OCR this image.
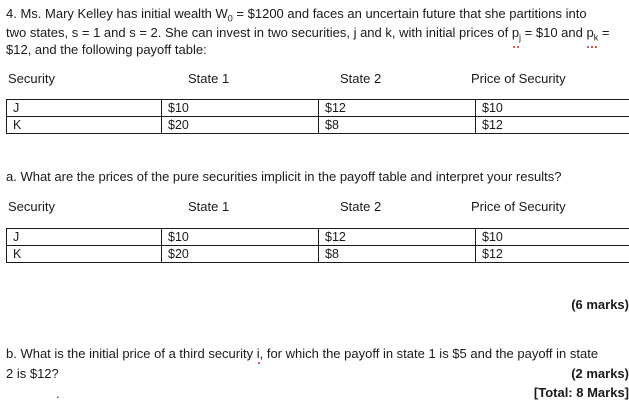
4. Ms. Mary Kelley has initial wealth $W_0$ = $1200 and faces an uncertain future that she partitions into
two states, s = 1 and s = 2. She can invest in two securities, j and k, with initial prices of $p_j$ = $10 and $p_k$ =
$12, and the following payoff table:
Security	State 1	State 2	Price of Security
J	$10	$12	$10
K	$20	$8	$12
a. What are the prices of the pure securities implicit in the payoff table and interpret your results?
Security	State 1	State 2	Price of Security
J	$10	$12	$10
K	$20	$8	$12
(6 marks)
b. What is the initial price of a third security i, for which the payoff in state 1 is $5 and the payoff in state
2 is $12?	(2 marks)
[Total: 8 Marks]
.
